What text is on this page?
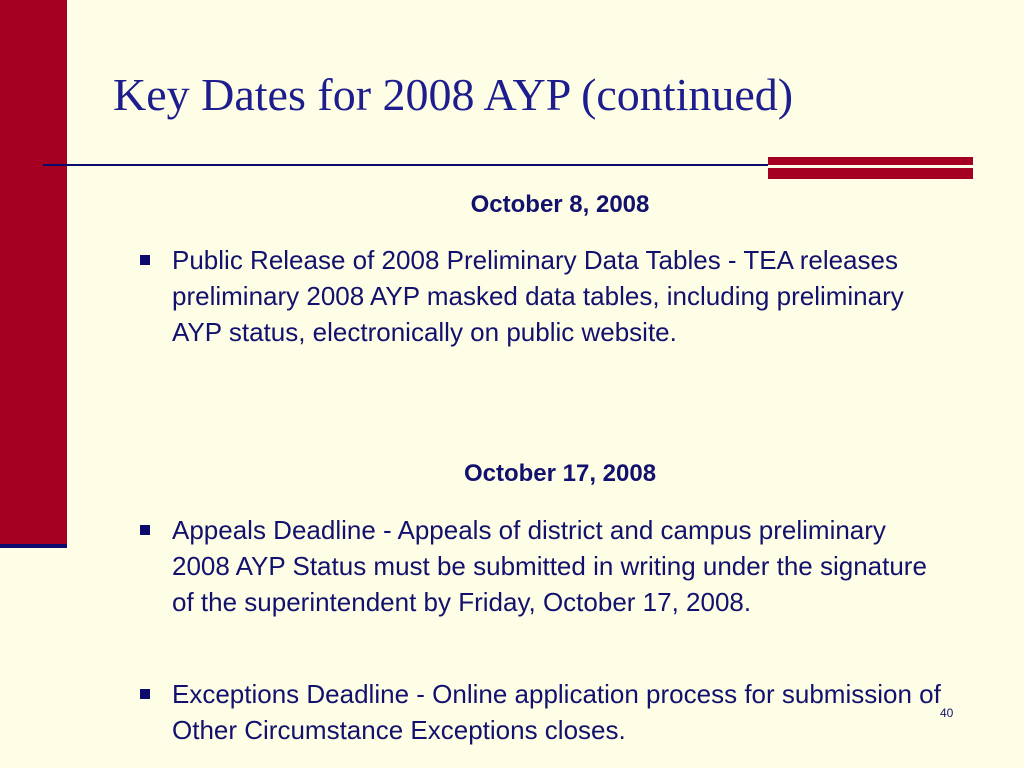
Key Dates for 2008 AYP (continued)
October 8, 2008
Public Release of 2008 Preliminary Data Tables - TEA releases preliminary 2008 AYP masked data tables, including preliminary AYP status, electronically on public website.
October 17, 2008
Appeals Deadline - Appeals of district and campus preliminary 2008 AYP Status must be submitted in writing under the signature of the superintendent by Friday, October 17, 2008.
Exceptions Deadline - Online application process for submission of Other Circumstance Exceptions closes.
40
